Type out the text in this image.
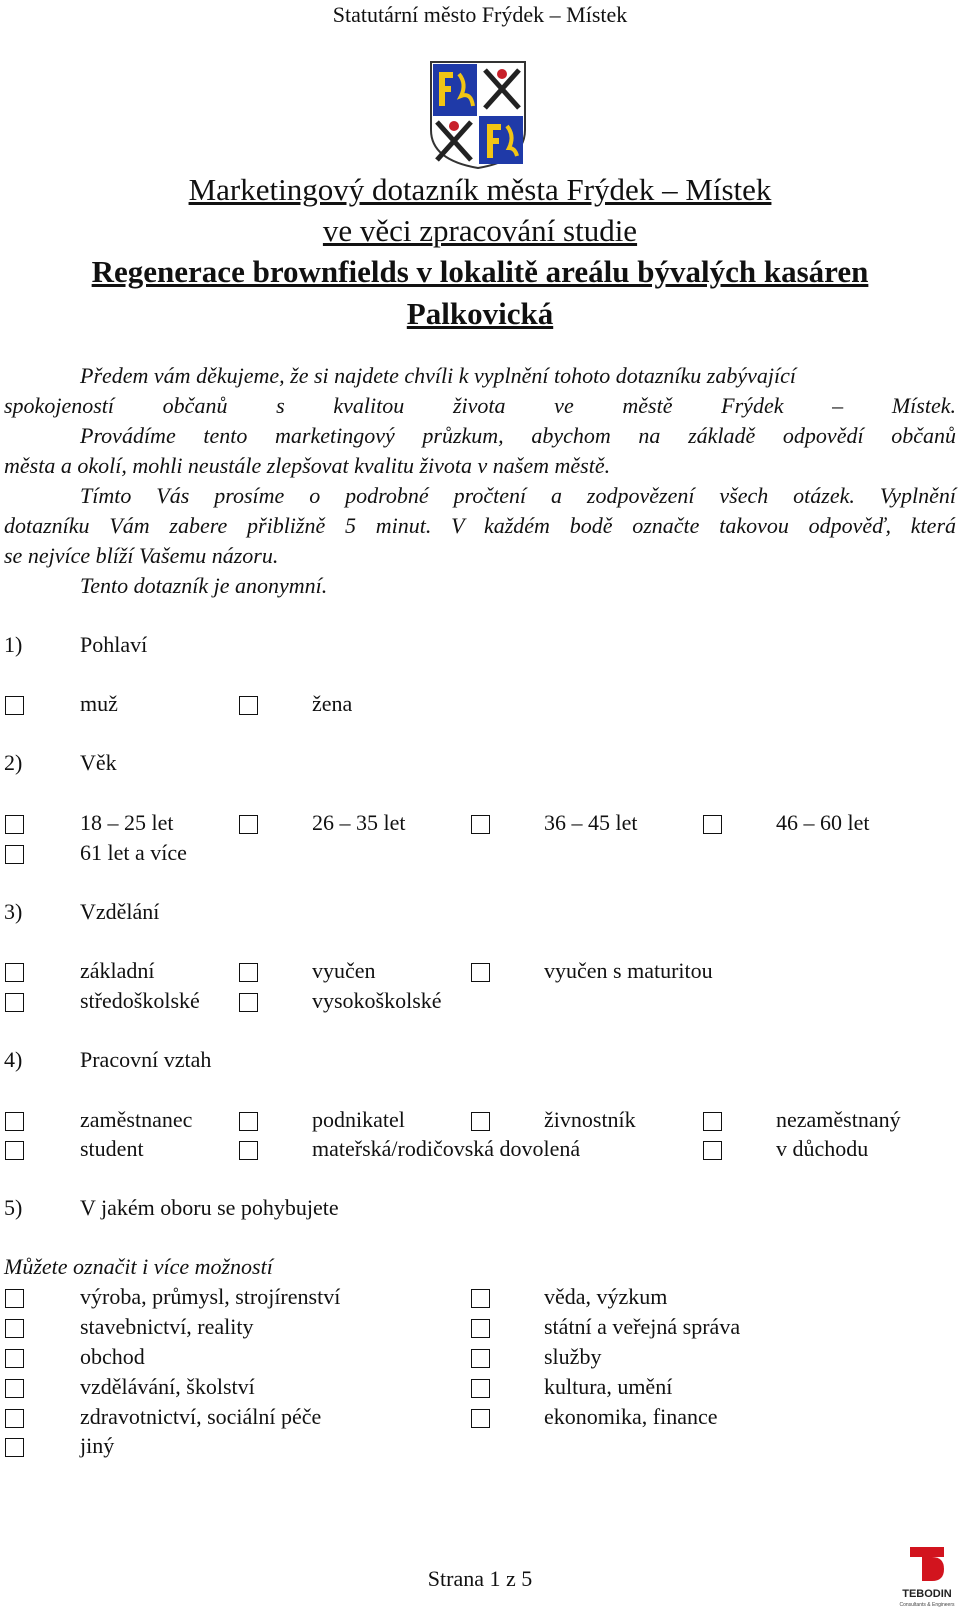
Statutární město Frýdek – Místek
Marketingový dotazník města Frýdek – Místek
ve věci zpracování studie
Regenerace brownfields v lokalitě areálu bývalých kasáren
Palkovická
Předem vám děkujeme, že si najdete chvíli k vyplnění tohoto dotazníku zabývající
spokojeností občanů s kvalitou života ve městě Frýdek – Místek.
Provádíme tento marketingový průzkum, abychom na základě odpovědí občanů
města a okolí, mohli neustále zlepšovat kvalitu života v našem městě.
Tímto Vás prosíme o podrobné pročtení a zodpovězení všech otázek. Vyplnění
dotazníku Vám zabere přibližně 5 minut. V každém bodě označte takovou odpověď, která
se nejvíce blíží Vašemu názoru.
Tento dotazník je anonymní.
1)	Pohlaví
muž	žena
2)	Věk
18 – 25 let	26 – 35 let	36 – 45 let	46 – 60 let
61 let a více
3)	Vzdělání
základní	vyučen	vyučen s maturitou
středoškolské	vysokoškolské
4)	Pracovní vztah
zaměstnanec	podnikatel	živnostník	nezaměstnaný
student	mateřská/rodičovská dovolená	v důchodu
5)	V jakém oboru se pohybujete
Můžete označit i více možností
výroba, průmysl, strojírenství	věda, výzkum
stavebnictví, reality	státní a veřejná správa
obchod	služby
vzdělávání, školství	kultura, umění
zdravotnictví, sociální péče	ekonomika, finance
jiný
Strana 1 z 5
TEBODIN
Consultants & Engineers
